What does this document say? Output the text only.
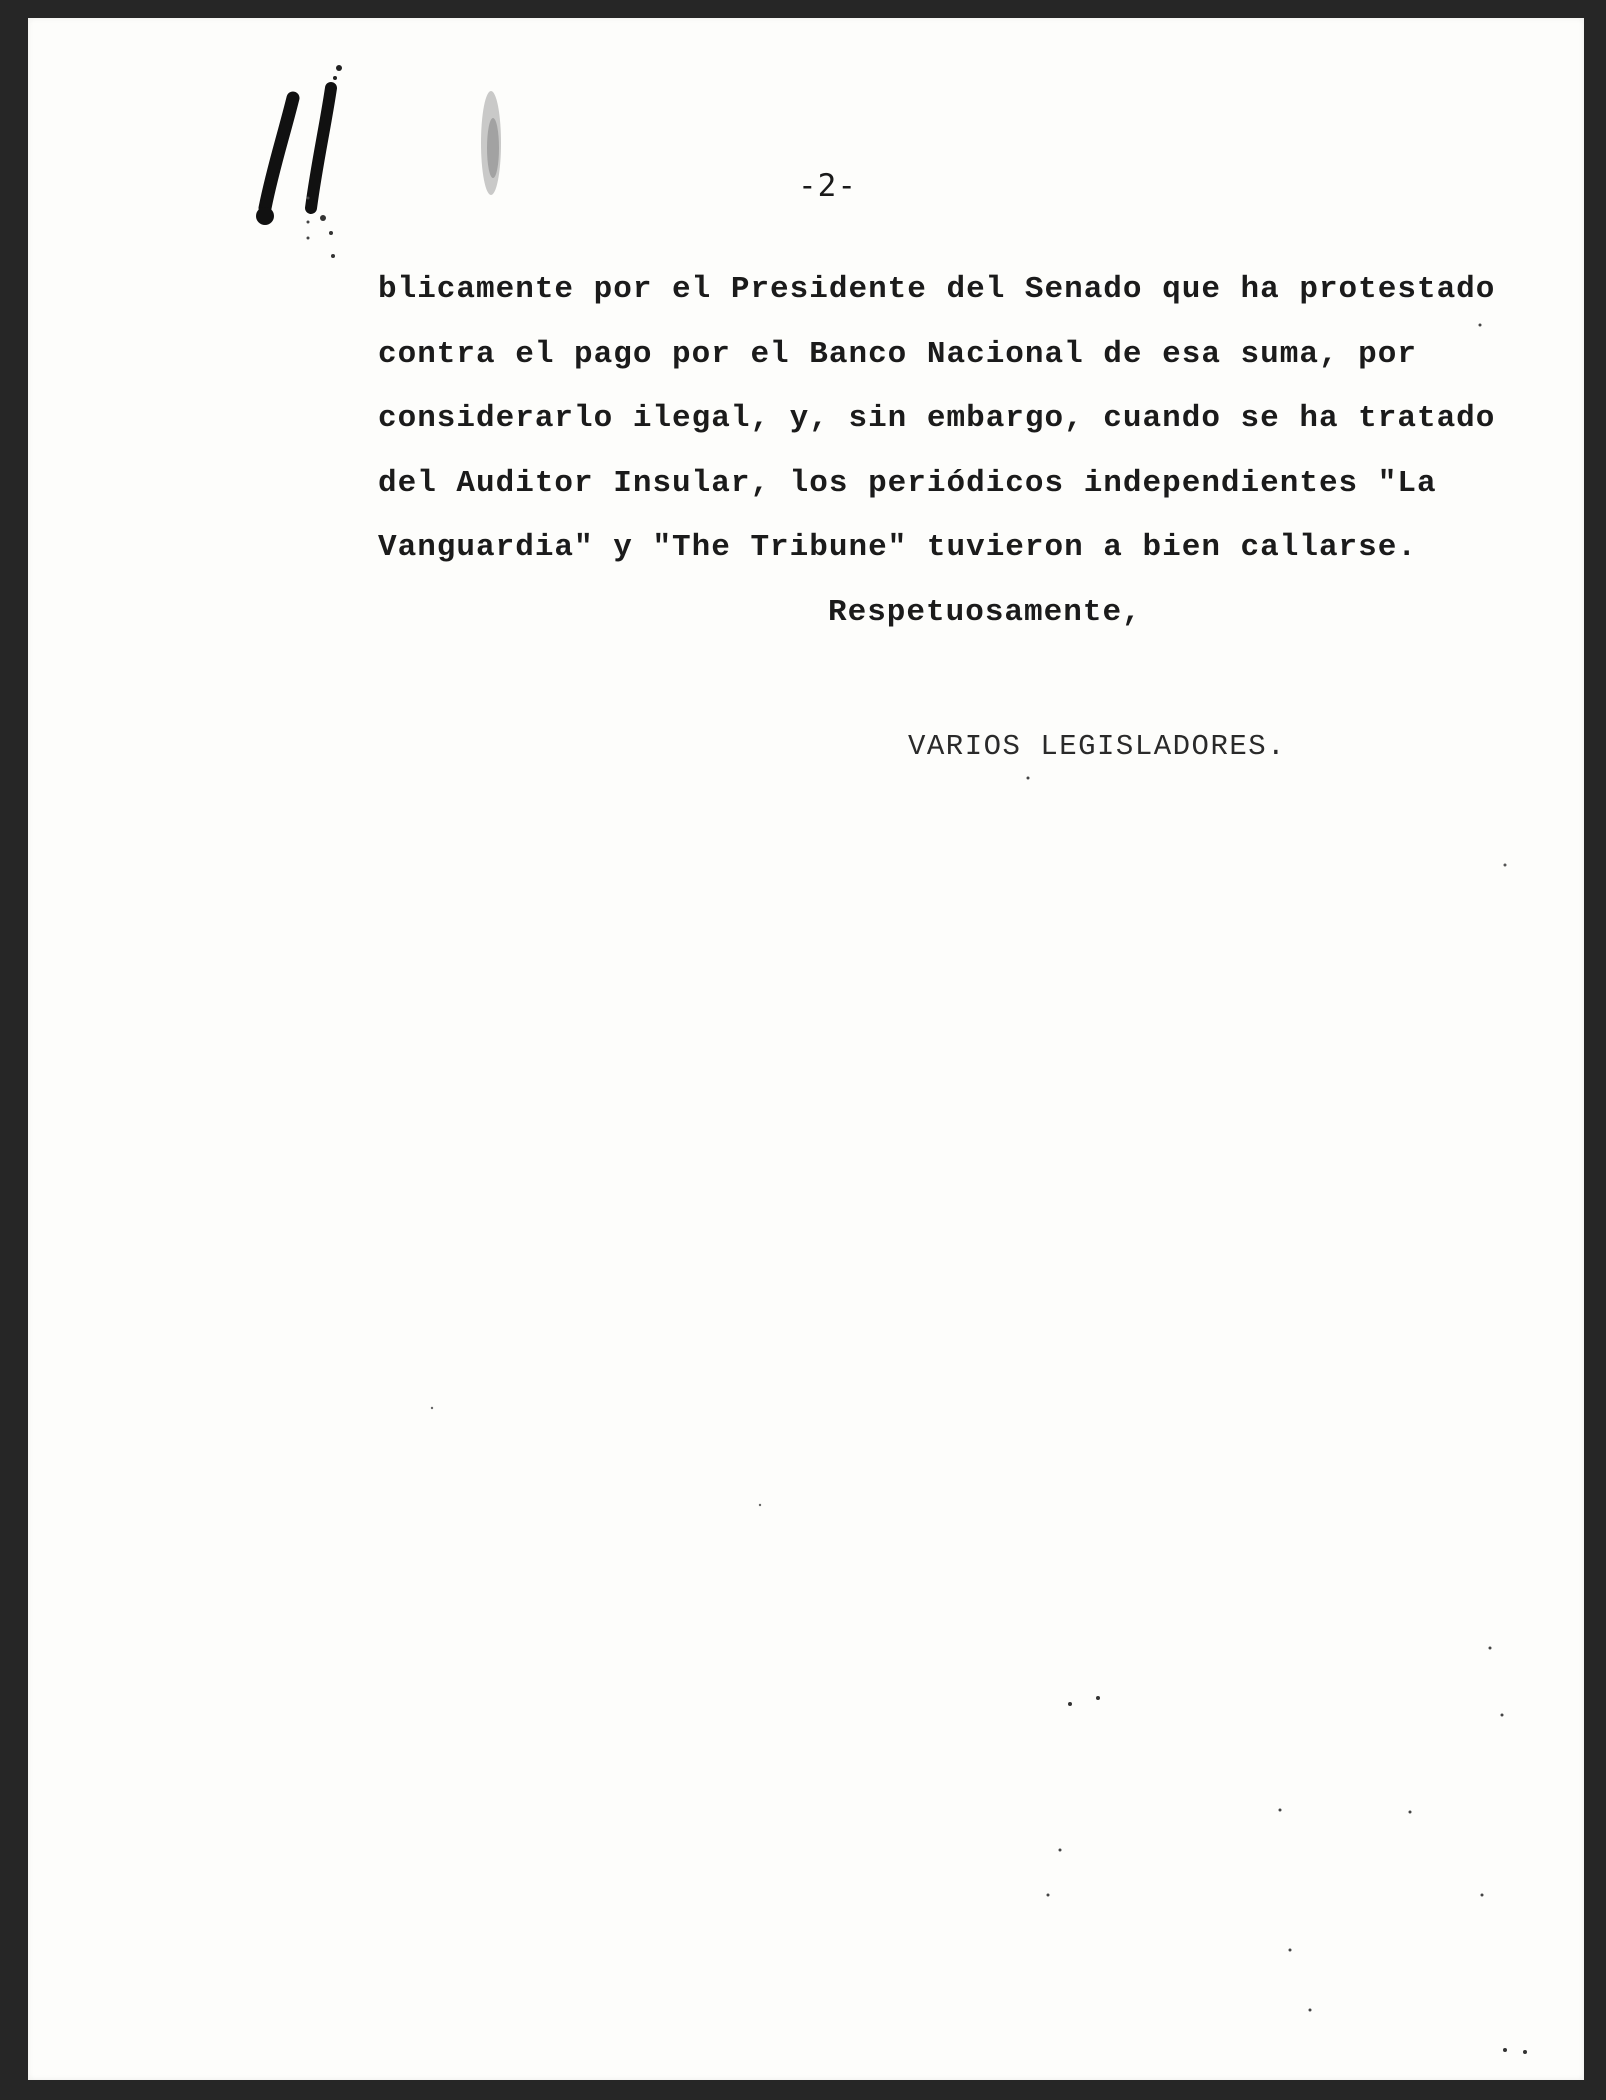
-2-
blicamente por el Presidente del Senado que ha protestado
contra el pago por el Banco Nacional de esa suma, por
considerarlo ilegal, y, sin embargo, cuando se ha tratado
del Auditor Insular, los periódicos independientes "La
Vanguardia" y "The Tribune" tuvieron a bien callarse.
Respetuosamente,
VARIOS LEGISLADORES.
